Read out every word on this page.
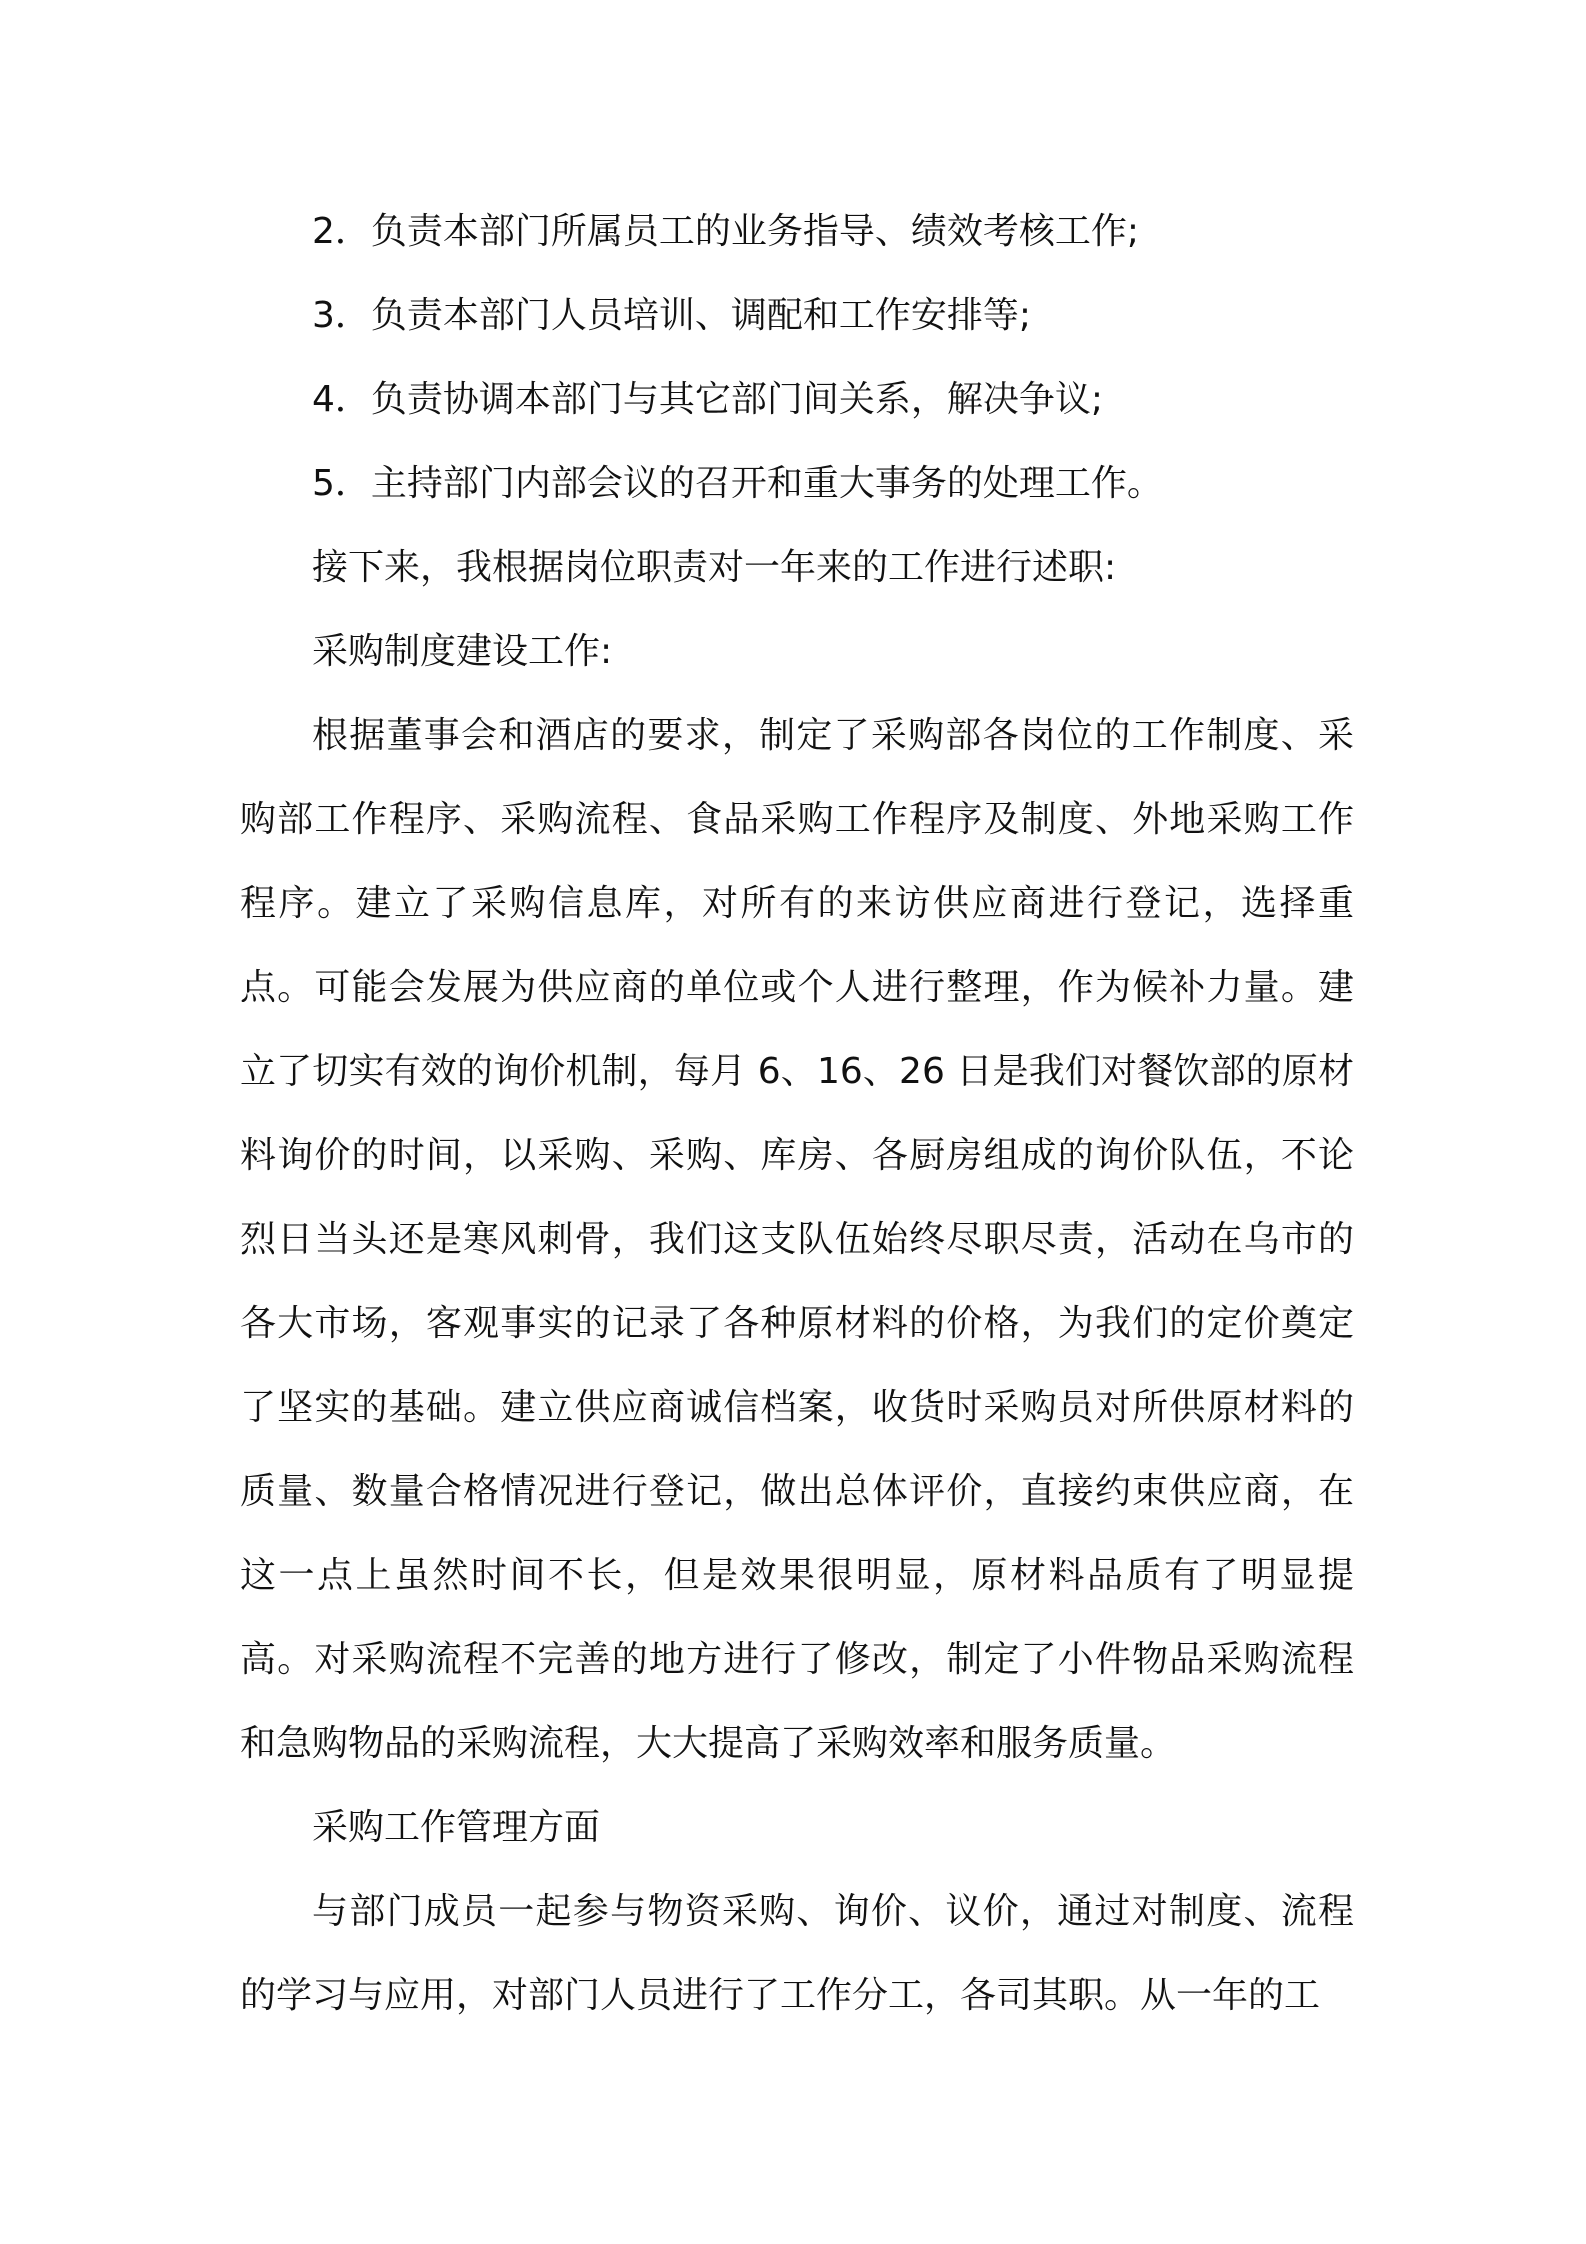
2．负责本部门所属员工的业务指导、绩效考核工作;

3．负责本部门人员培训、调配和工作安排等;

4．负责协调本部门与其它部门间关系，解决争议;

5．主持部门内部会议的召开和重大事务的处理工作。

接下来，我根据岗位职责对一年来的工作进行述职:

采购制度建设工作:

根据董事会和酒店的要求，制定了采购部各岗位的工作制度、采购部工作程序、采购流程、食品采购工作程序及制度、外地采购工作程序。建立了采购信息库，对所有的来访供应商进行登记，选择重点。可能会发展为供应商的单位或个人进行整理，作为候补力量。建立了切实有效的询价机制，每月 6、16、26 日是我们对餐饮部的原材料询价的时间，以采购、采购、库房、各厨房组成的询价队伍，不论烈日当头还是寒风刺骨，我们这支队伍始终尽职尽责，活动在乌市的各大市场，客观事实的记录了各种原材料的价格，为我们的定价奠定了坚实的基础。建立供应商诚信档案，收货时采购员对所供原材料的质量、数量合格情况进行登记，做出总体评价，直接约束供应商，在这一点上虽然时间不长，但是效果很明显，原材料品质有了明显提高。对采购流程不完善的地方进行了修改，制定了小件物品采购流程和急购物品的采购流程，大大提高了采购效率和服务质量。

采购工作管理方面

与部门成员一起参与物资采购、询价、议价，通过对制度、流程的学习与应用，对部门人员进行了工作分工，各司其职。从一年的工
